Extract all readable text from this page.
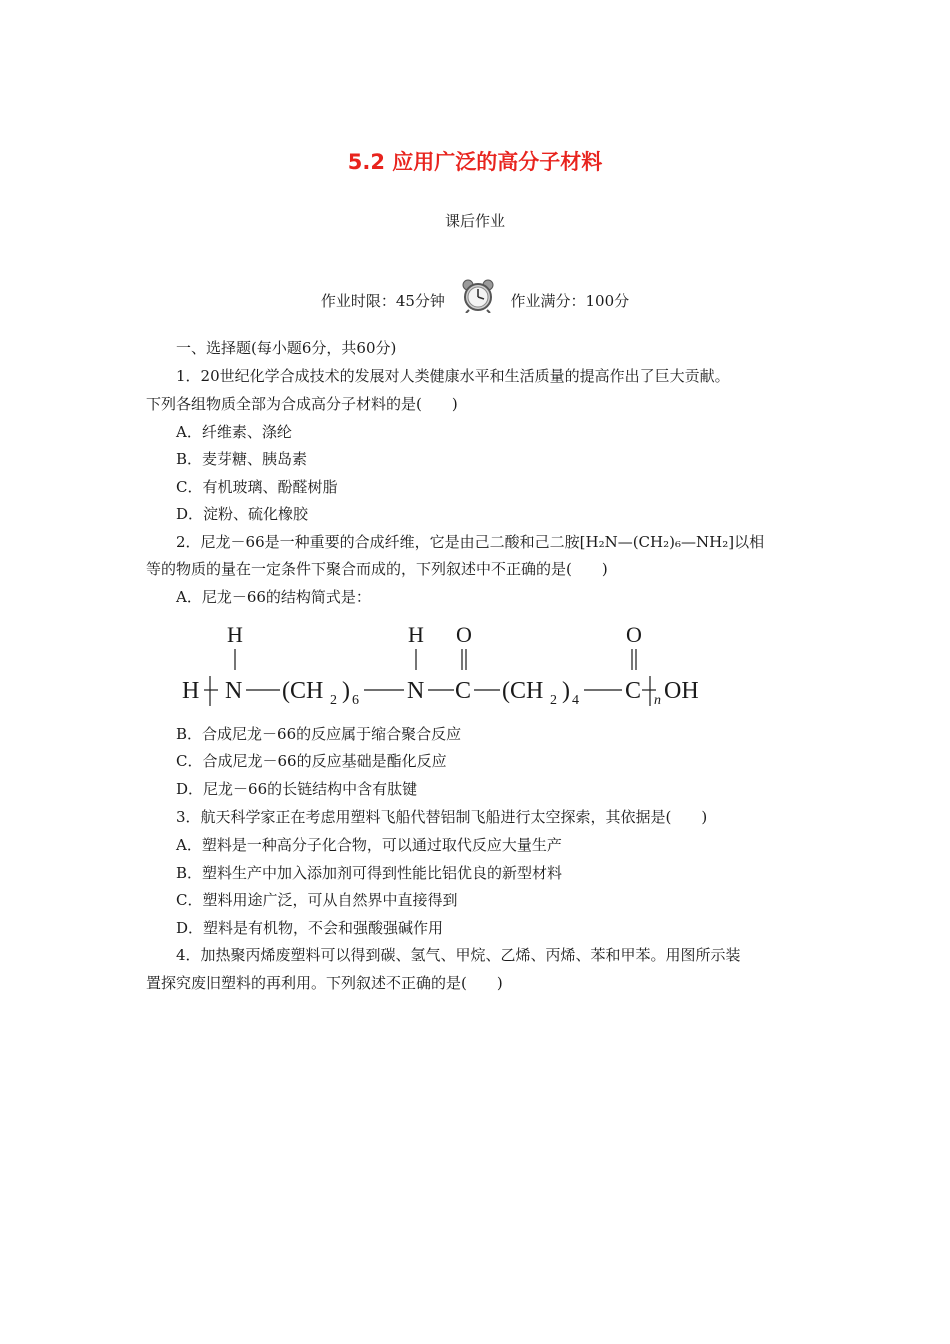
5.2 应用广泛的高分子材料
课后作业
作业时限：45分钟	作业满分：100分
一、选择题(每小题6分，共60分)
1．20世纪化学合成技术的发展对人类健康水平和生活质量的提高作出了巨大贡献。
下列各组物质全部为合成高分子材料的是(　　)
A．纤维素、涤纶
B．麦芽糖、胰岛素
C．有机玻璃、酚醛树脂
D．淀粉、硫化橡胶
2．尼龙－66是一种重要的合成纤维，它是由己二酸和己二胺[H₂N—(CH₂)₆—NH₂]以相
等的物质的量在一定条件下聚合而成的，下列叙述中不正确的是(　　)
A．尼龙－66的结构简式是：
H	H O	O
H N (CH 2 ) 6 N C (CH 2 ) 4 C n OH
B．合成尼龙－66的反应属于缩合聚合反应
C．合成尼龙－66的反应基础是酯化反应
D．尼龙－66的长链结构中含有肽键
3．航天科学家正在考虑用塑料飞船代替铝制飞船进行太空探索，其依据是(　　)
A．塑料是一种高分子化合物，可以通过取代反应大量生产
B．塑料生产中加入添加剂可得到性能比铝优良的新型材料
C．塑料用途广泛，可从自然界中直接得到
D．塑料是有机物，不会和强酸强碱作用
4．加热聚丙烯废塑料可以得到碳、氢气、甲烷、乙烯、丙烯、苯和甲苯。用图所示装
置探究废旧塑料的再利用。下列叙述不正确的是(　　)
